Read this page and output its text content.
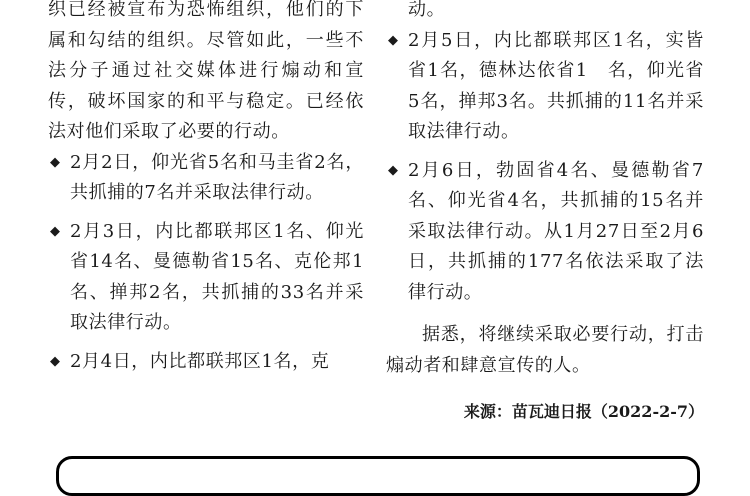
织已经被宣布为恐怖组织，他们的下属和勾结的组织。尽管如此，一些不法分子通过社交媒体进行煽动和宣传，破坏国家的和平与稳定。已经依法对他们采取了必要的行动。

◆ 2月2日，仰光省5名和马圭省2名，共抓捕的7名并采取法律行动。
◆ 2月3日，内比都联邦区1名、仰光省14名、曼德勒省15名、克伦邦1名、掸邦2名，共抓捕的33名并采取法律行动。
◆ 2月4日，内比都联邦区1名，克
动。
◆ 2月5日，内比都联邦区1名，实皆省1名，德林达依省1　名，仰光省5名，掸邦3名。共抓捕的11名并采取法律行动。
◆ 2月6日，勃固省4名、曼德勒省7名、仰光省4名，共抓捕的15名并采取法律行动。从1月27日至2月6日，共抓捕的177名依法采取了法律行动。

据悉，将继续采取必要行动，打击煽动者和肆意宣传的人。

来源：苗瓦迪日报（2022-2-7）
